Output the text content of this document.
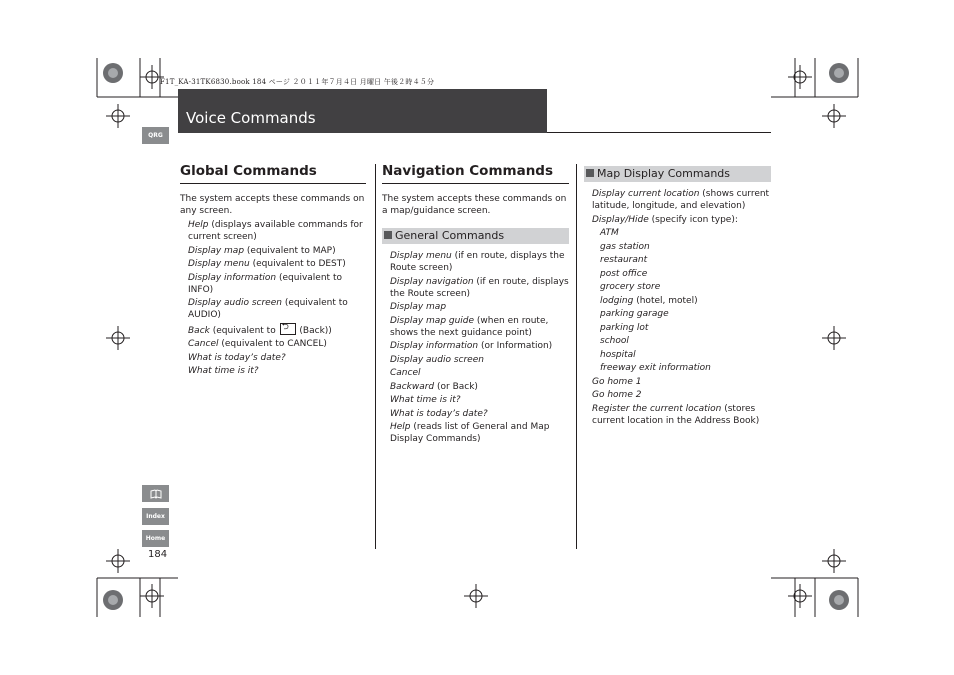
F1T_KA-31TK6830.book 184 ページ ２０１１年７月４日 月曜日 午後２時４５分
Voice Commands
QRG
Index
Home
184
Global Commands
The system accepts these commands on any screen.
Help (displays available commands for current screen)
Display map (equivalent to MAP)
Display menu (equivalent to DEST)
Display information (equivalent to INFO)
Display audio screen (equivalent to AUDIO)
Back (equivalent to ⮌ (Back))
Cancel (equivalent to CANCEL)
What is today’s date?
What time is it?
Navigation Commands
The system accepts these commands on a map/guidance screen.
General Commands
Display menu (if en route, displays the Route screen)
Display navigation (if en route, displays the Route screen)
Display map
Display map guide (when en route, shows the next guidance point)
Display information (or Information)
Display audio screen
Cancel
Backward (or Back)
What time is it?
What is today’s date?
Help (reads list of General and Map Display Commands)
Map Display Commands
Display current location (shows current latitude, longitude, and elevation)
Display/Hide (specify icon type):
ATM
gas station
restaurant
post office
grocery store
lodging (hotel, motel)
parking garage
parking lot
school
hospital
freeway exit information
Go home 1
Go home 2
Register the current location (stores current location in the Address Book)
